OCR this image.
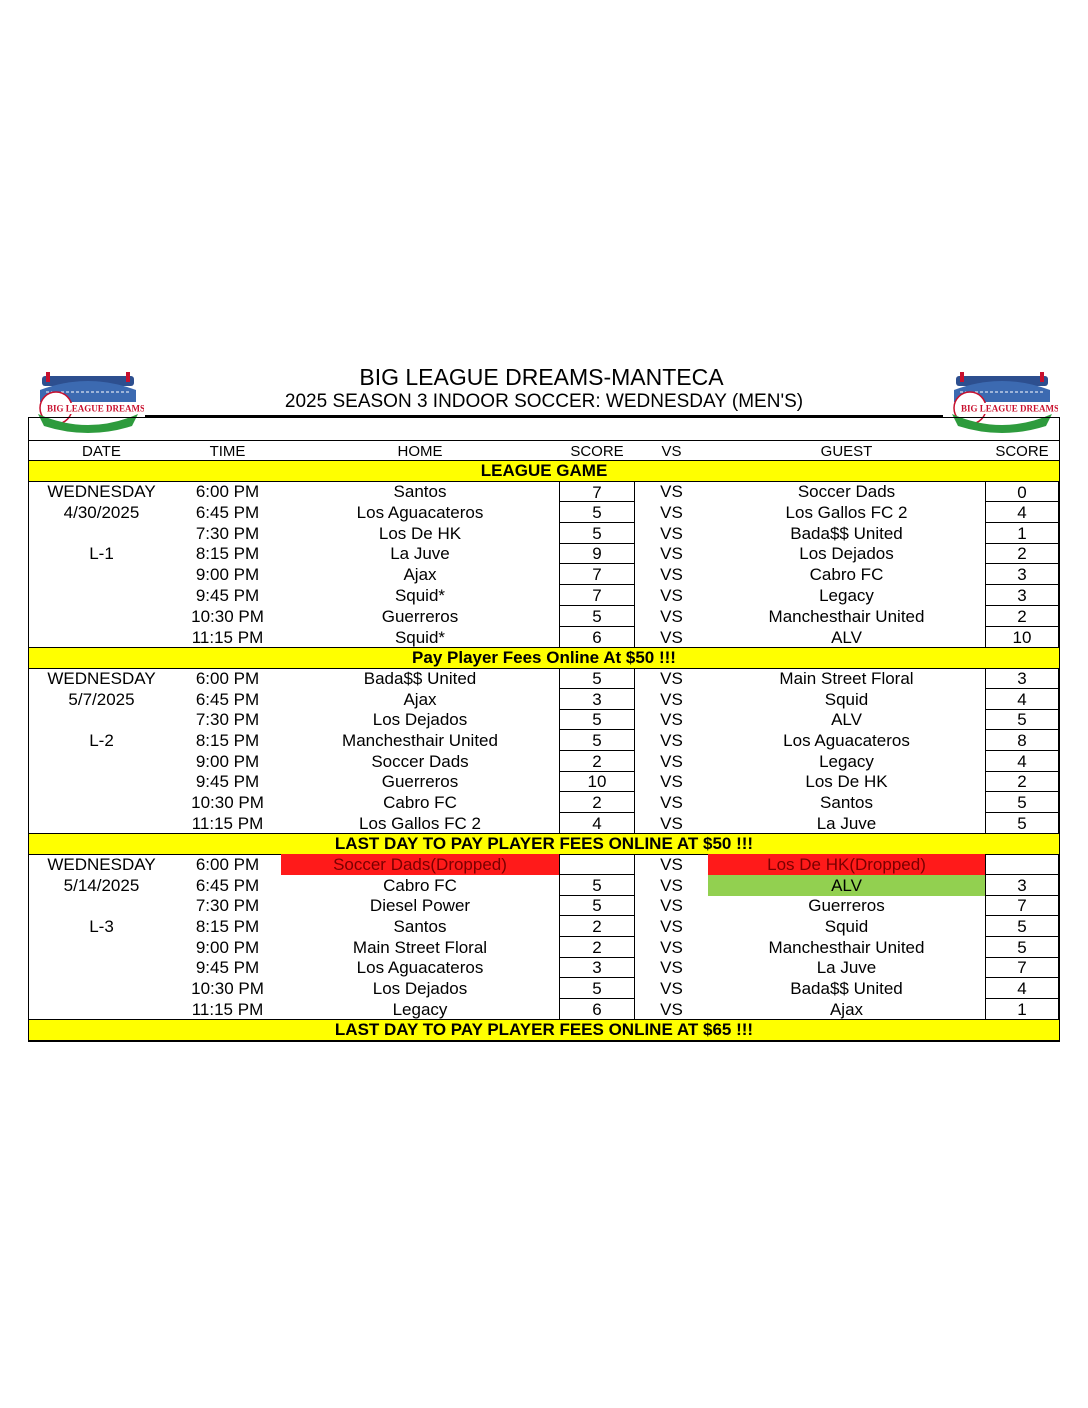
BIG LEAGUE DREAMS	BIG LEAGUE DREAMS
BIG LEAGUE DREAMS-MANTECA
2025 SEASON 3 INDOOR SOCCER: WEDNESDAY (MEN'S)
DATE	TIME	HOME	SCORE	VS	GUEST	SCORE
LEAGUE GAME
WEDNESDAY	6:00 PM	Santos	7	VS	Soccer Dads	0
4/30/2025	6:45 PM	Los Aguacateros	5	VS	Los Gallos FC 2	4
7:30 PM	Los De HK	5	VS	Bada$$ United	1
L-1	8:15 PM	La Juve	9	VS	Los Dejados	2
9:00 PM	Ajax	7	VS	Cabro FC	3
9:45 PM	Squid*	7	VS	Legacy	3
10:30 PM	Guerreros	5	VS	Manchesthair United	2
11:15 PM	Squid*	6	VS	ALV	10
Pay Player Fees Online At $50 !!!
WEDNESDAY	6:00 PM	Bada$$ United	5	VS	Main Street Floral	3
5/7/2025	6:45 PM	Ajax	3	VS	Squid	4
7:30 PM	Los Dejados	5	VS	ALV	5
L-2	8:15 PM	Manchesthair United	5	VS	Los Aguacateros	8
9:00 PM	Soccer Dads	2	VS	Legacy	4
9:45 PM	Guerreros	10	VS	Los De HK	2
10:30 PM	Cabro FC	2	VS	Santos	5
11:15 PM	Los Gallos FC 2	4	VS	La Juve	5
LAST DAY TO PAY PLAYER FEES ONLINE AT $50 !!!
WEDNESDAY	6:00 PM	Soccer Dads(Dropped)	VS	Los De HK(Dropped)
5/14/2025	6:45 PM	Cabro FC	5	VS	ALV	3
7:30 PM	Diesel Power	5	VS	Guerreros	7
L-3	8:15 PM	Santos	2	VS	Squid	5
9:00 PM	Main Street Floral	2	VS	Manchesthair United	5
9:45 PM	Los Aguacateros	3	VS	La Juve	7
10:30 PM	Los Dejados	5	VS	Bada$$ United	4
11:15 PM	Legacy	6	VS	Ajax	1
LAST DAY TO PAY PLAYER FEES ONLINE AT $65 !!!
